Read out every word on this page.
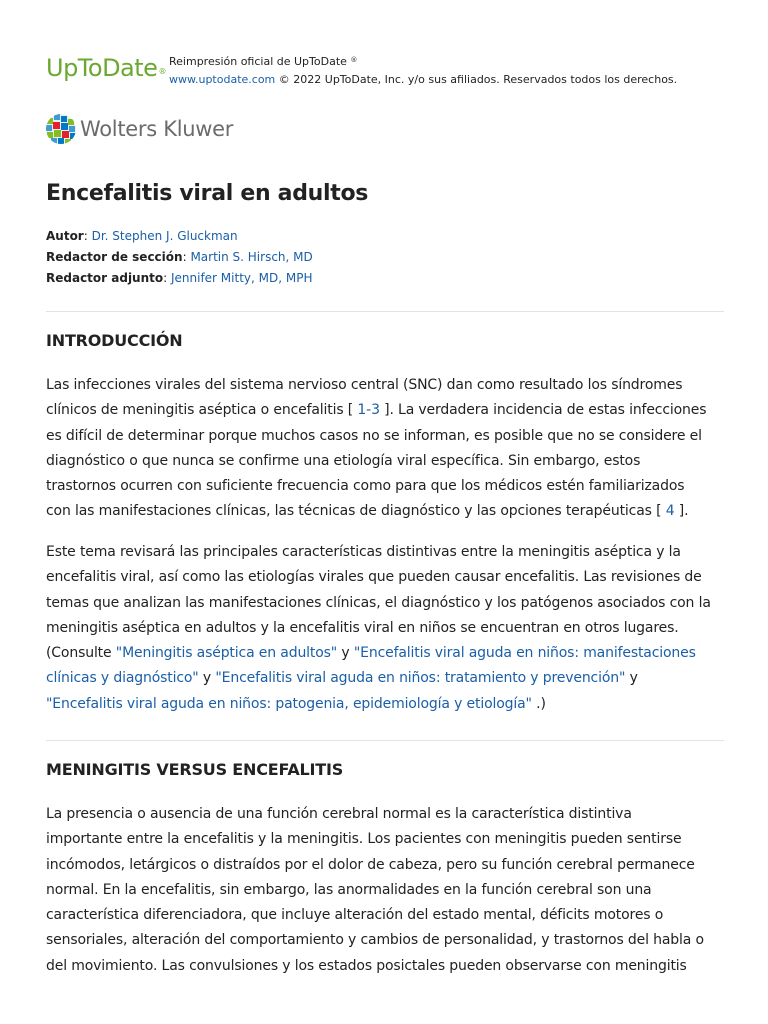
UpToDate®
Reimpresión oficial de UpToDate ®
www.uptodate.com © 2022 UpToDate, Inc. y/o sus afiliados. Reservados todos los derechos.
Wolters Kluwer
Encefalitis viral en adultos
Autor: Dr. Stephen J. Gluckman
Redactor de sección: Martin S. Hirsch, MD
Redactor adjunto: Jennifer Mitty, MD, MPH
INTRODUCCIÓN
Las infecciones virales del sistema nervioso central (SNC) dan como resultado los síndromes
clínicos de meningitis aséptica o encefalitis [ 1-3 ]. La verdadera incidencia de estas infecciones
es difícil de determinar porque muchos casos no se informan, es posible que no se considere el
diagnóstico o que nunca se confirme una etiología viral específica. Sin embargo, estos
trastornos ocurren con suficiente frecuencia como para que los médicos estén familiarizados
con las manifestaciones clínicas, las técnicas de diagnóstico y las opciones terapéuticas [ 4 ].
Este tema revisará las principales características distintivas entre la meningitis aséptica y la
encefalitis viral, así como las etiologías virales que pueden causar encefalitis. Las revisiones de
temas que analizan las manifestaciones clínicas, el diagnóstico y los patógenos asociados con la
meningitis aséptica en adultos y la encefalitis viral en niños se encuentran en otros lugares.
(Consulte "Meningitis aséptica en adultos" y "Encefalitis viral aguda en niños: manifestaciones
clínicas y diagnóstico" y "Encefalitis viral aguda en niños: tratamiento y prevención" y
"Encefalitis viral aguda en niños: patogenia, epidemiología y etiología" .)
MENINGITIS VERSUS ENCEFALITIS
La presencia o ausencia de una función cerebral normal es la característica distintiva
importante entre la encefalitis y la meningitis. Los pacientes con meningitis pueden sentirse
incómodos, letárgicos o distraídos por el dolor de cabeza, pero su función cerebral permanece
normal. En la encefalitis, sin embargo, las anormalidades en la función cerebral son una
característica diferenciadora, que incluye alteración del estado mental, déficits motores o
sensoriales, alteración del comportamiento y cambios de personalidad, y trastornos del habla o
del movimiento. Las convulsiones y los estados posictales pueden observarse con meningitis
